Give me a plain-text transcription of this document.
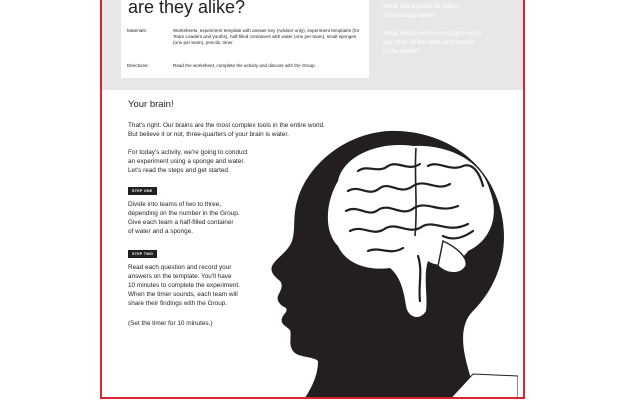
are they alike?
Materials:	Worksheets, experiment template with answer key (Adviser only), experiment templates (for Team Leaders and youths), half-filled containers with water (one per team), small sponges (one per team), pencils, timer
Directions:	Read the worksheet, complete the activity and discuss with the Group.

What has around 86 billion

microscopic cells?

What sends more messages every

day than all the texts and emails

in the world?

Your brain!
That's right. Our brains are the most complex tools in the entire world.
But believe it or not, three-quarters of your brain is water.
For today's activity, we're going to conduct
an experiment using a sponge and water.
Let's read the steps and get started.
STEP ONE
Divide into teams of two to three,
depending on the number in the Group.
Give each team a half-filled container
of water and a sponge.
STEP TWO
Read each question and record your
answers on the template. You'll have
10 minutes to complete the experiment.
When the timer sounds, each team will
share their findings with the Group.
(Set the timer for 10 minutes.)
